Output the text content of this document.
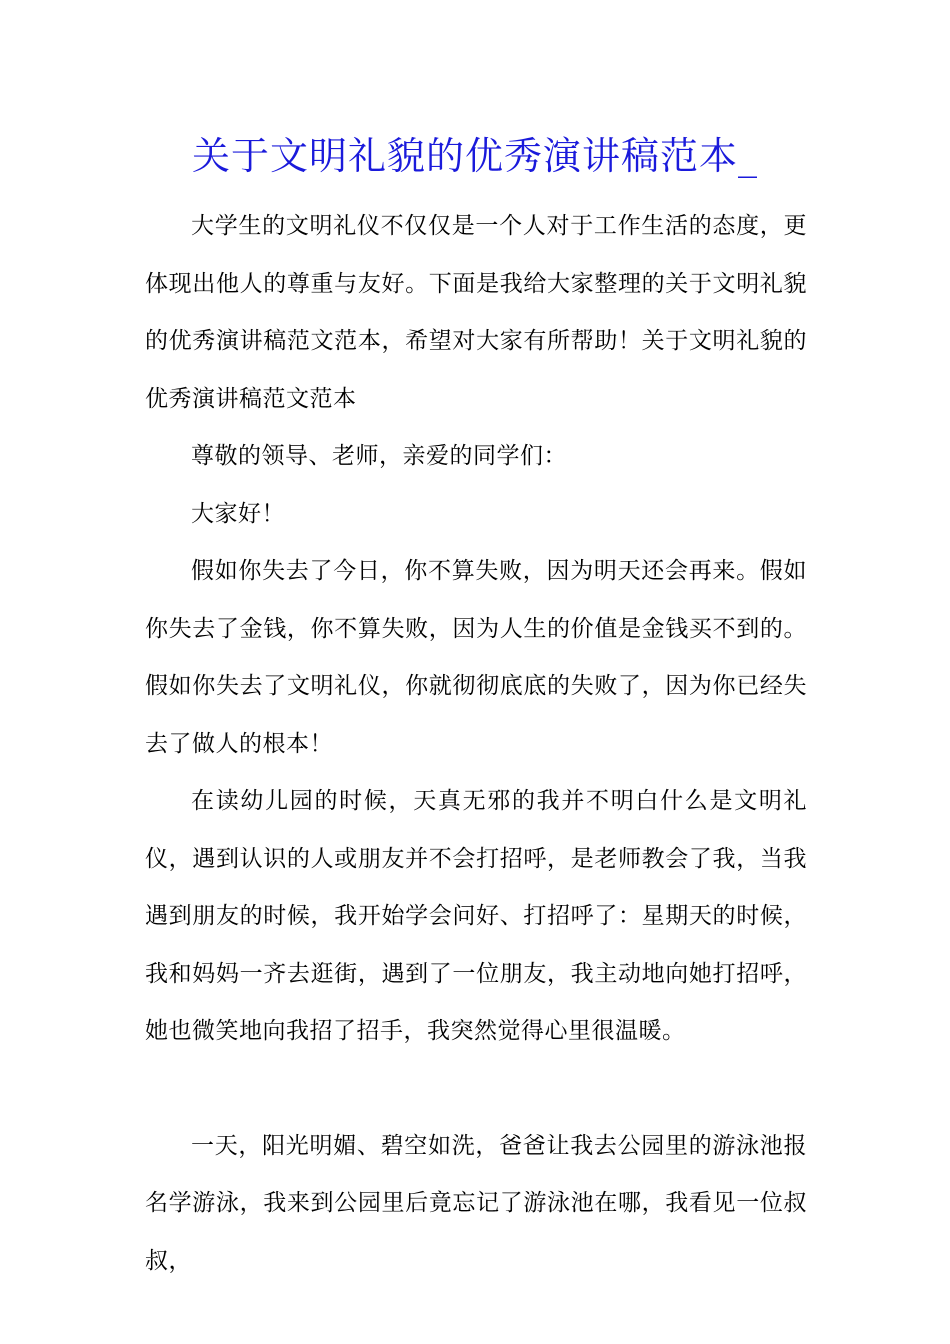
关于文明礼貌的优秀演讲稿范本_

大学生的文明礼仪不仅仅是一个人对于工作生活的态度，更体现出他人的尊重与友好。下面是我给大家整理的关于文明礼貌的优秀演讲稿范文范本，希望对大家有所帮助！关于文明礼貌的优秀演讲稿范文范本

尊敬的领导、老师，亲爱的同学们：

大家好！

假如你失去了今日，你不算失败，因为明天还会再来。假如你失去了金钱，你不算失败，因为人生的价值是金钱买不到的。假如你失去了文明礼仪，你就彻彻底底的失败了，因为你已经失去了做人的根本！

在读幼儿园的时候，天真无邪的我并不明白什么是文明礼仪，遇到认识的人或朋友并不会打招呼，是老师教会了我，当我遇到朋友的时候，我开始学会问好、打招呼了：星期天的时候，我和妈妈一齐去逛街，遇到了一位朋友，我主动地向她打招呼，她也微笑地向我招了招手，我突然觉得心里很温暖。

一天，阳光明媚、碧空如洗，爸爸让我去公园里的游泳池报名学游泳，我来到公园里后竟忘记了游泳池在哪，我看见一位叔叔，
